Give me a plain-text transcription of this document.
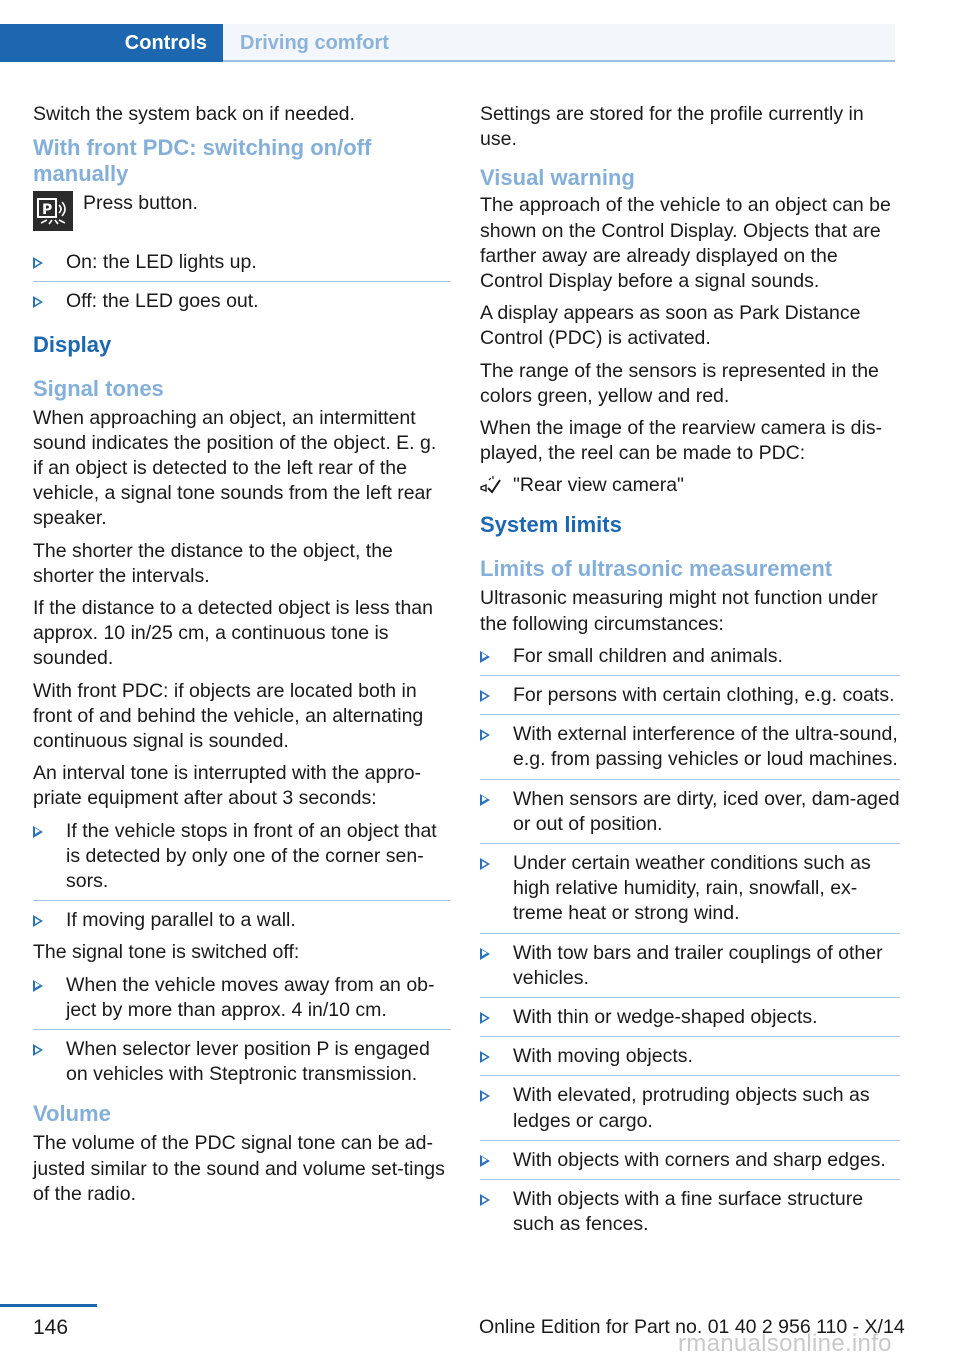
Controls	Driving comfort

Switch the system back on if needed.

With front PDC: switching on/off manually
P Press button.
On: the LED lights up.
Off: the LED goes out.
Display
Signal tones

When approaching an object, an intermittent sound indicates the position of the object. E. g. if an object is detected to the left rear of the vehicle, a signal tone sounds from the left rear speaker.

The shorter the distance to the object, the shorter the intervals.

If the distance to a detected object is less than approx. 10 in/25 cm, a continuous tone is sounded.

With front PDC: if objects are located both in front of and behind the vehicle, an alternating continuous signal is sounded.

An interval tone is interrupted with the appro‐priate equipment after about 3 seconds:

If the vehicle stops in front of an object that is detected by only one of the corner sen‐sors.
If moving parallel to a wall.

The signal tone is switched off:

When the vehicle moves away from an ob‐ject by more than approx. 4 in/10 cm.
When selector lever position P is engaged on vehicles with Steptronic transmission.
Volume

The volume of the PDC signal tone can be ad‐justed similar to the sound and volume set‐tings of the radio.

Settings are stored for the profile currently in use.

Visual warning

The approach of the vehicle to an object can be shown on the Control Display. Objects that are farther away are already displayed on the Control Display before a signal sounds.

A display appears as soon as Park Distance Control (PDC) is activated.

The range of the sensors is represented in the colors green, yellow and red.

When the image of the rearview camera is dis‐played, the reel can be made to PDC:

"Rear view camera"
System limits
Limits of ultrasonic measurement

Ultrasonic measuring might not function under the following circumstances:

For small children and animals.
For persons with certain clothing, e.g. coats.
With external interference of the ultra‐sound, e.g. from passing vehicles or loud machines.
When sensors are dirty, iced over, dam‐aged or out of position.
Under certain weather conditions such as high relative humidity, rain, snowfall, ex‐treme heat or strong wind.
With tow bars and trailer couplings of other vehicles.
With thin or wedge-shaped objects.
With moving objects.
With elevated, protruding objects such as ledges or cargo.
With objects with corners and sharp edges.
With objects with a fine surface structure such as fences.
146	Online Edition for Part no. 01 40 2 956 110 - X/14
rmanualsonline.info
